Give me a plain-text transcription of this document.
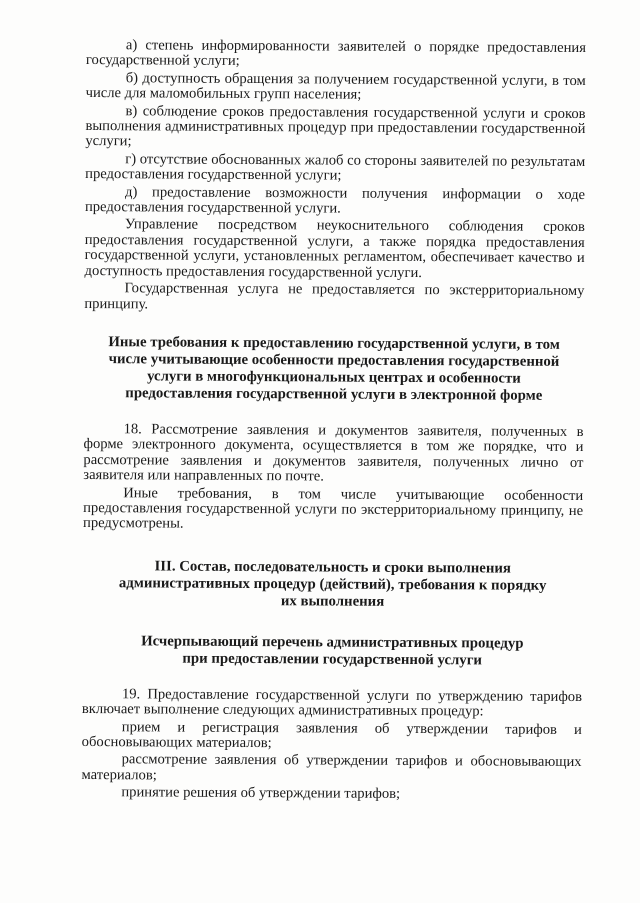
а) степень информированности заявителей о порядке предоставления государственной услуги;

б) доступность обращения за получением государственной услуги, в том числе для маломобильных групп населения;

в) соблюдение сроков предоставления государственной услуги и сроков выполнения административных процедур при предоставлении государственной услуги;

г) отсутствие обоснованных жалоб со стороны заявителей по результатам предоставления государственной услуги;

д) предоставление возможности получения информации о ходе предоставления государственной услуги.

Управление посредством неукоснительного соблюдения сроков предоставления государственной услуги, а также порядка предоставления государственной услуги, установленных регламентом, обеспечивает качество и доступность предоставления государственной услуги.

Государственная услуга не предоставляется по экстерриториальному принципу.

Иные требования к предоставлению государственной услуги, в том

числе учитывающие особенности предоставления государственной

услуги в многофункциональных центрах и особенности

предоставления государственной услуги в электронной форме

18. Рассмотрение заявления и документов заявителя, полученных в форме электронного документа, осуществляется в том же порядке, что и рассмотрение заявления и документов заявителя, полученных лично от заявителя или направленных по почте.

Иные требования, в том числе учитывающие особенности предоставления государственной услуги по экстерриториальному принципу, не предусмотрены.

III. Состав, последовательность и сроки выполнения

административных процедур (действий), требования к порядку

их выполнения

Исчерпывающий перечень административных процедур

при предоставлении государственной услуги

19. Предоставление государственной услуги по утверждению тарифов включает выполнение следующих административных процедур:

прием и регистрация заявления об утверждении тарифов и обосновывающих материалов;

рассмотрение заявления об утверждении тарифов и обосновывающих материалов;

принятие решения об утверждении тарифов;
